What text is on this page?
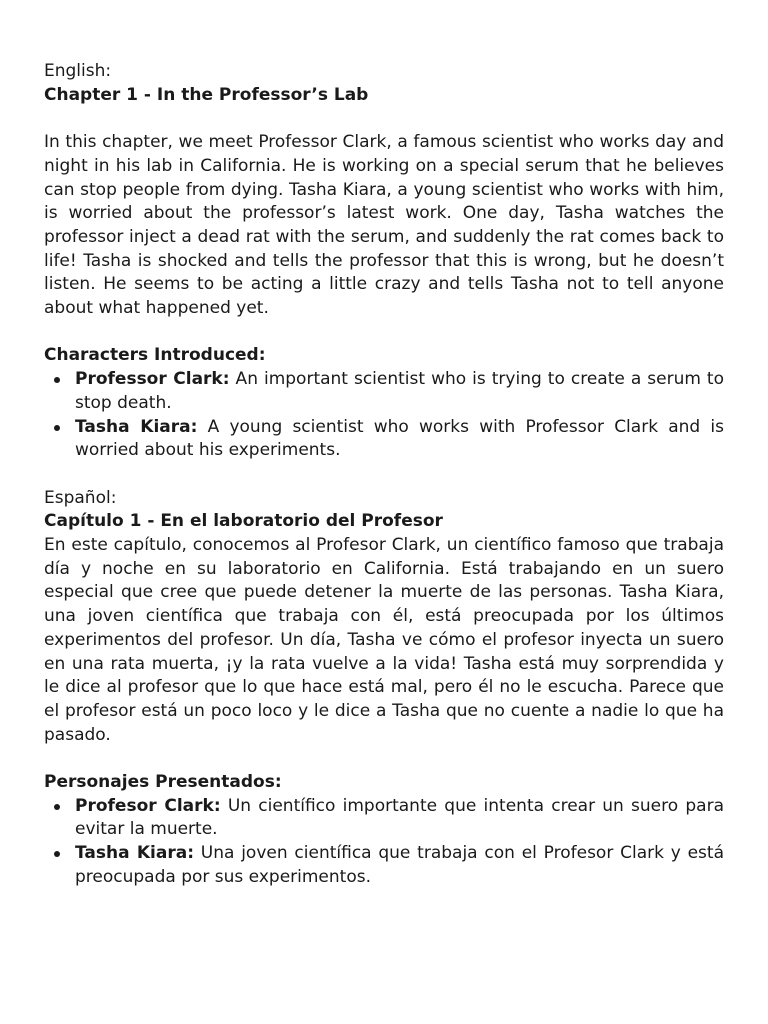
English:

Chapter 1 - In the Professor’s Lab

In this chapter, we meet Professor Clark, a famous scientist who works day and night in his lab in California. He is working on a special serum that he believes can stop people from dying. Tasha Kiara, a young scientist who works with him, is worried about the professor’s latest work. One day, Tasha watches the professor inject a dead rat with the serum, and suddenly the rat comes back to life! Tasha is shocked and tells the professor that this is wrong, but he doesn’t listen. He seems to be acting a little crazy and tells Tasha not to tell anyone about what happened yet.

Characters Introduced:

Professor Clark: An important scientist who is trying to create a serum to stop death.
Tasha Kiara: A young scientist who works with Professor Clark and is worried about his experiments.

Español:

Capítulo 1 - En el laboratorio del Profesor

En este capítulo, conocemos al Profesor Clark, un científico famoso que trabaja día y noche en su laboratorio en California. Está trabajando en un suero especial que cree que puede detener la muerte de las personas. Tasha Kiara, una joven científica que trabaja con él, está preocupada por los últimos experimentos del profesor. Un día, Tasha ve cómo el profesor inyecta un suero en una rata muerta, ¡y la rata vuelve a la vida! Tasha está muy sorprendida y le dice al profesor que lo que hace está mal, pero él no le escucha. Parece que el profesor está un poco loco y le dice a Tasha que no cuente a nadie lo que ha pasado.

Personajes Presentados:

Profesor Clark: Un científico importante que intenta crear un suero para evitar la muerte.
Tasha Kiara: Una joven científica que trabaja con el Profesor Clark y está preocupada por sus experimentos.
